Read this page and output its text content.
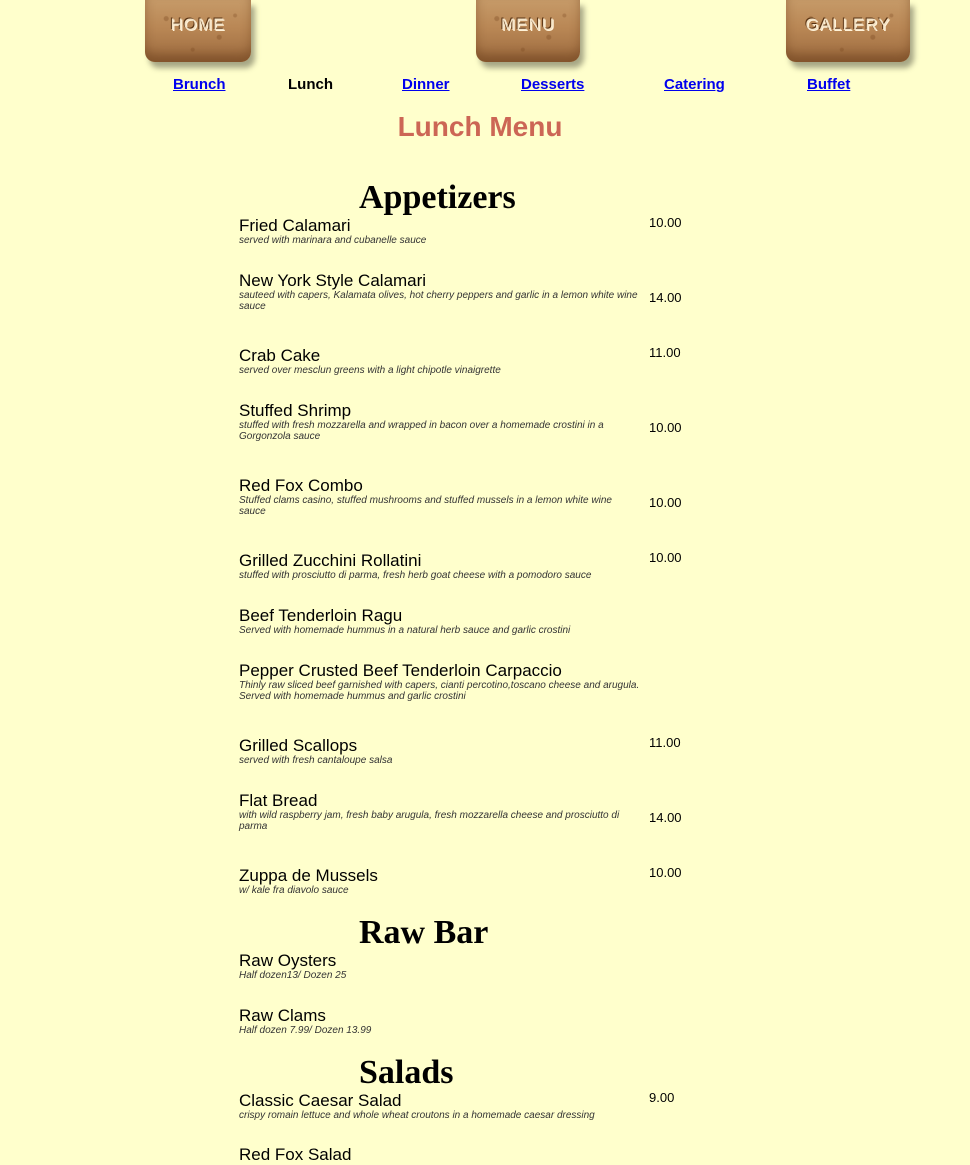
HOME	MENU	GALLERY
Brunch	Lunch	Dinner	Desserts	Catering	Buffet
Lunch Menu
Appetizers
Raw Bar
Salads
Fried Calamari
served with marinara and cubanelle sauce
10.00
New York Style Calamari
sauteed with capers, Kalamata olives, hot cherry peppers and garlic in a lemon white wine sauce
14.00
Crab Cake
served over mesclun greens with a light chipotle vinaigrette
11.00
Stuffed Shrimp
stuffed with fresh mozzarella and wrapped in bacon over a homemade crostini in a Gorgonzola sauce
10.00
Red Fox Combo
Stuffed clams casino, stuffed mushrooms and stuffed mussels in a lemon white wine sauce
10.00
Grilled Zucchini Rollatini
stuffed with prosciutto di parma, fresh herb goat cheese with a pomodoro sauce
10.00
Beef Tenderloin Ragu
Served with homemade hummus in a natural herb sauce and garlic crostini
Pepper Crusted Beef Tenderloin Carpaccio
Thinly raw sliced beef garnished with capers, cianti percotino,toscano cheese and arugula. Served with homemade hummus and garlic crostini
Grilled Scallops
served with fresh cantaloupe salsa
11.00
Flat Bread
with wild raspberry jam, fresh baby arugula, fresh mozzarella cheese and prosciutto di parma
14.00
Zuppa de Mussels
w/ kale fra diavolo sauce
10.00
Raw Oysters
Half dozen13/ Dozen 25
Raw Clams
Half dozen 7.99/ Dozen 13.99
Classic Caesar Salad
crispy romain lettuce and whole wheat croutons in a homemade caesar dressing
9.00
Red Fox Salad
